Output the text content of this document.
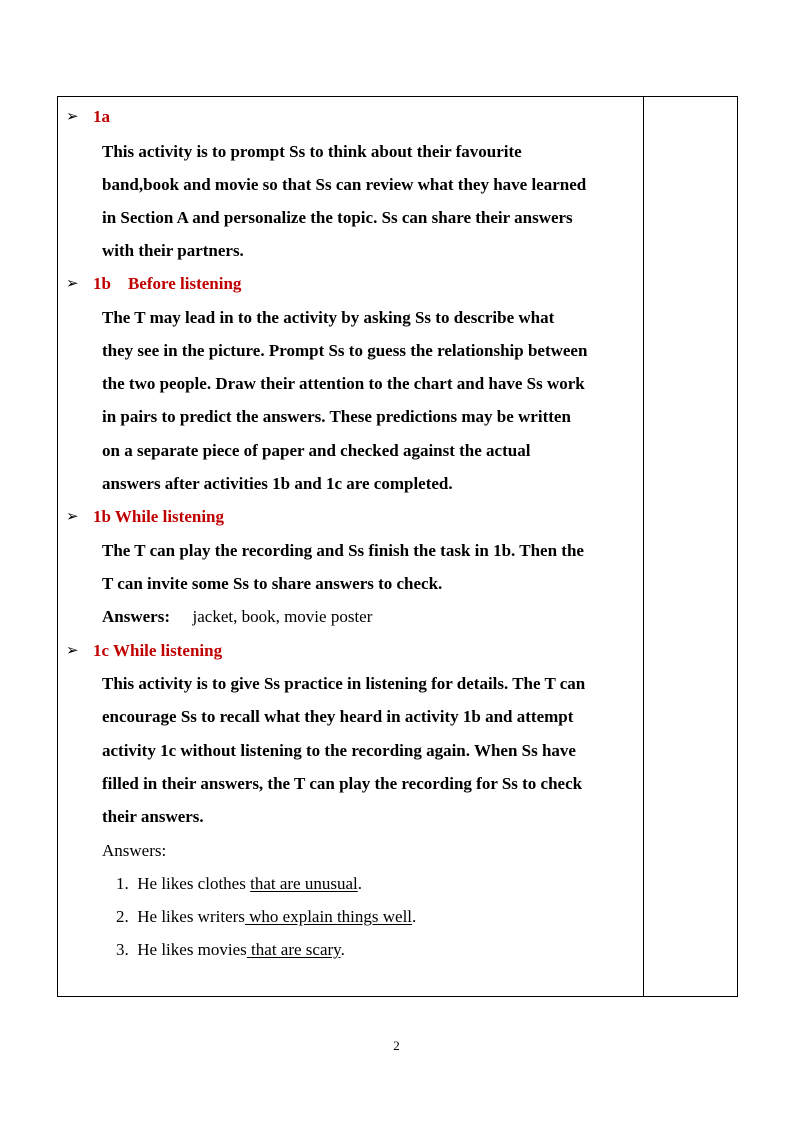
➢ 1a
This activity is to prompt Ss to think about their favourite
band,book and movie so that Ss can review what they have learned
in Section A and personalize the topic. Ss can share their answers
with their partners.
➢ 1b    Before listening
The T may lead in to the activity by asking Ss to describe what
they see in the picture. Prompt Ss to guess the relationship between
the two people. Draw their attention to the chart and have Ss work
in pairs to predict the answers. These predictions may be written
on a separate piece of paper and checked against the actual
answers after activities 1b and 1c are completed.
➢ 1b While listening
The T can play the recording and Ss finish the task in 1b. Then the
T can invite some Ss to share answers to check.
Answers: jacket, book, movie poster
➢ 1c While listening
This activity is to give Ss practice in listening for details. The T can
encourage Ss to recall what they heard in activity 1b and attempt
activity 1c without listening to the recording again. When Ss have
filled in their answers, the T can play the recording for Ss to check
their answers.
Answers:
1. He likes clothes that are unusual.
2. He likes writers who explain things well.
3. He likes movies that are scary.
2
